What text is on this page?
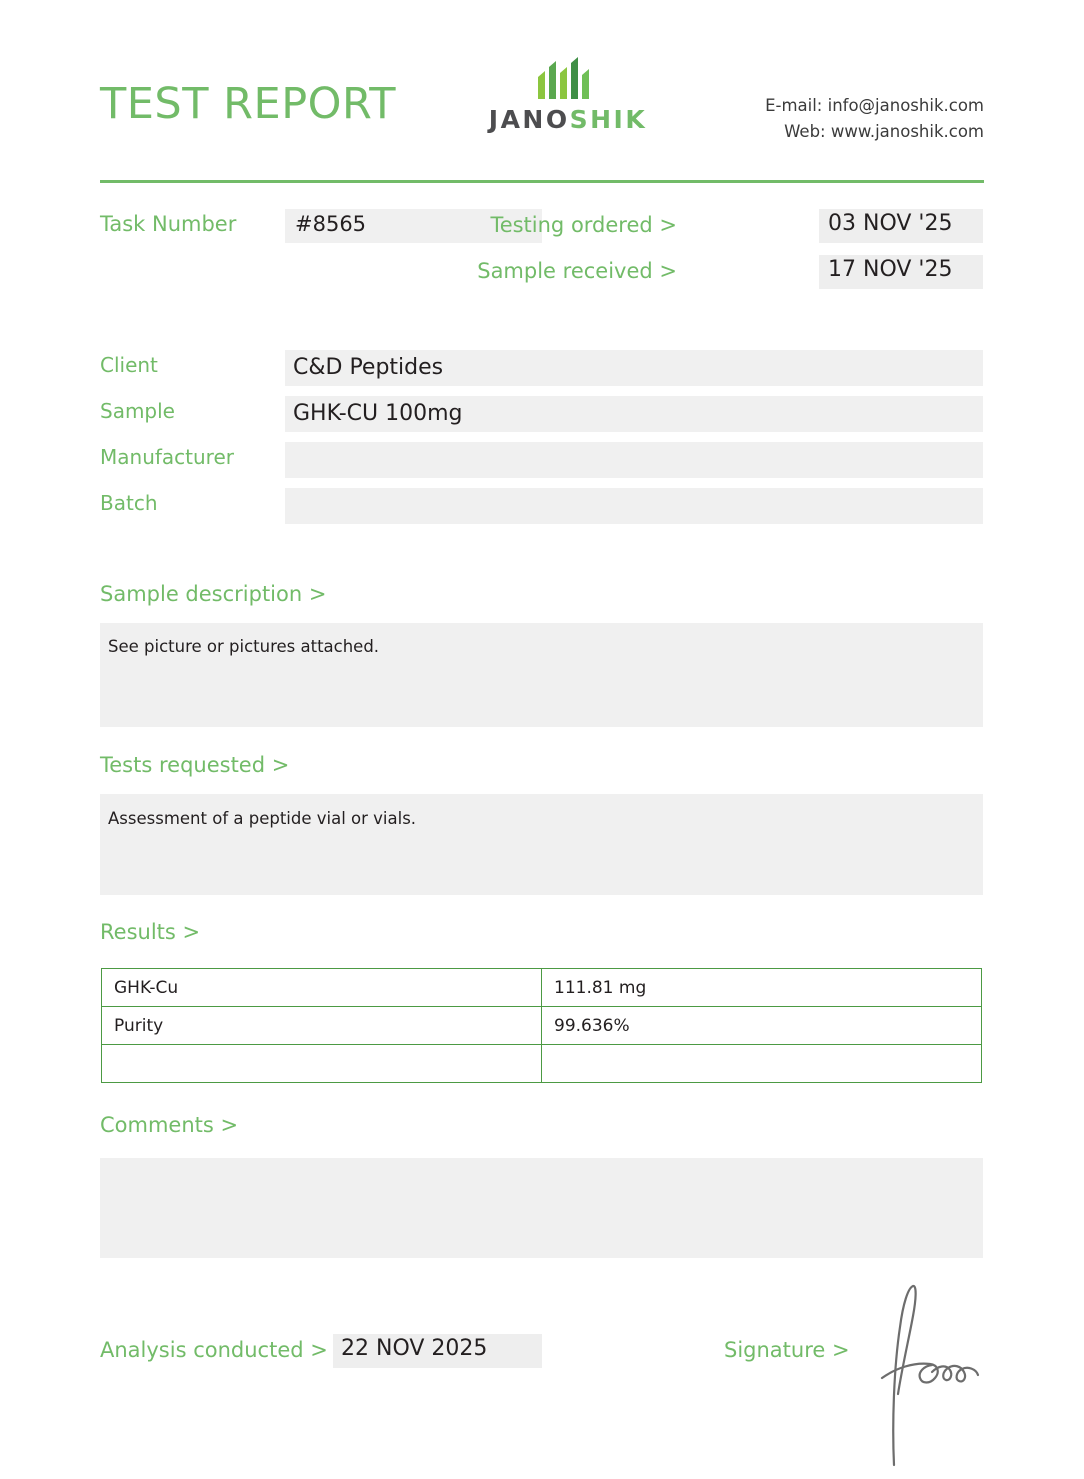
TEST REPORT	JANOSHIK	E-mail: info@janoshik.com
Web: www.janoshik.com
Task Number	#8565	Testing ordered >	03 NOV '25
Sample received >	17 NOV '25
Client	C&D Peptides
Sample	GHK-CU 100mg
Manufacturer
Batch
Sample description >
See picture or pictures attached.
Tests requested >
Assessment of a peptide vial or vials.
Results >
GHK-Cu	111.81 mg
Purity	99.636%

Comments >
Analysis conducted > 22 NOV 2025	Signature >
